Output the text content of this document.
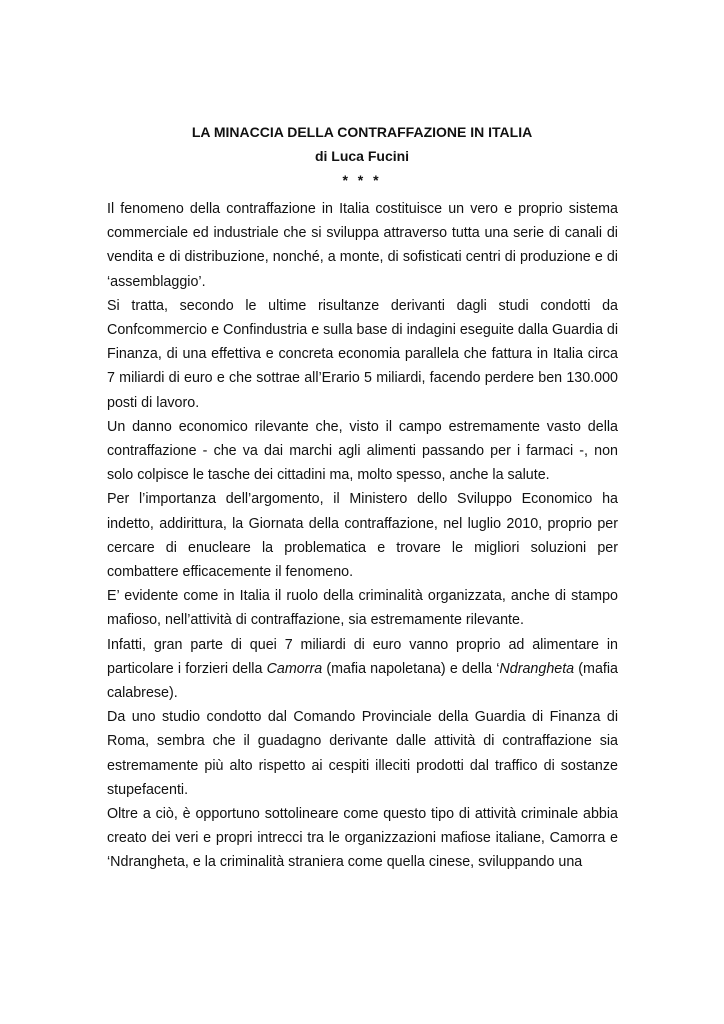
LA MINACCIA DELLA CONTRAFFAZIONE IN ITALIA
di Luca Fucini
* * *

Il fenomeno della contraffazione in Italia costituisce un vero e proprio sistema commerciale ed industriale che si sviluppa attraverso tutta una serie di canali di vendita e di distribuzione, nonché, a monte, di sofisticati centri di produzione e di ‘assemblaggio’.

Si tratta, secondo le ultime risultanze derivanti dagli studi condotti da Confcommercio e Confindustria e sulla base di indagini eseguite dalla Guardia di Finanza, di una effettiva e concreta economia parallela che fattura in Italia circa 7 miliardi di euro e che sottrae all’Erario 5 miliardi, facendo perdere ben 130.000 posti di lavoro.

Un danno economico rilevante che, visto il campo estremamente vasto della contraffazione - che va dai marchi agli alimenti passando per i farmaci -, non solo colpisce le tasche dei cittadini ma, molto spesso, anche la salute.

Per l’importanza dell’argomento, il Ministero dello Sviluppo Economico ha indetto, addirittura, la Giornata della contraffazione, nel luglio 2010, proprio per cercare di enucleare la problematica e trovare le migliori soluzioni per combattere efficacemente il fenomeno.

E’ evidente come in Italia il ruolo della criminalità organizzata, anche di stampo mafioso, nell’attività di contraffazione, sia estremamente rilevante.

Infatti, gran parte di quei 7 miliardi di euro vanno proprio ad alimentare in particolare i forzieri della Camorra (mafia napoletana) e della ‘Ndrangheta (mafia calabrese).

Da uno studio condotto dal Comando Provinciale della Guardia di Finanza di Roma, sembra che il guadagno derivante dalle attività di contraffazione sia estremamente più alto rispetto ai cespiti illeciti prodotti dal traffico di sostanze stupefacenti.

Oltre a ciò, è opportuno sottolineare come questo tipo di attività criminale abbia creato dei veri e propri intrecci tra le organizzazioni mafiose italiane, Camorra e ‘Ndrangheta, e la criminalità straniera come quella cinese, sviluppando una
